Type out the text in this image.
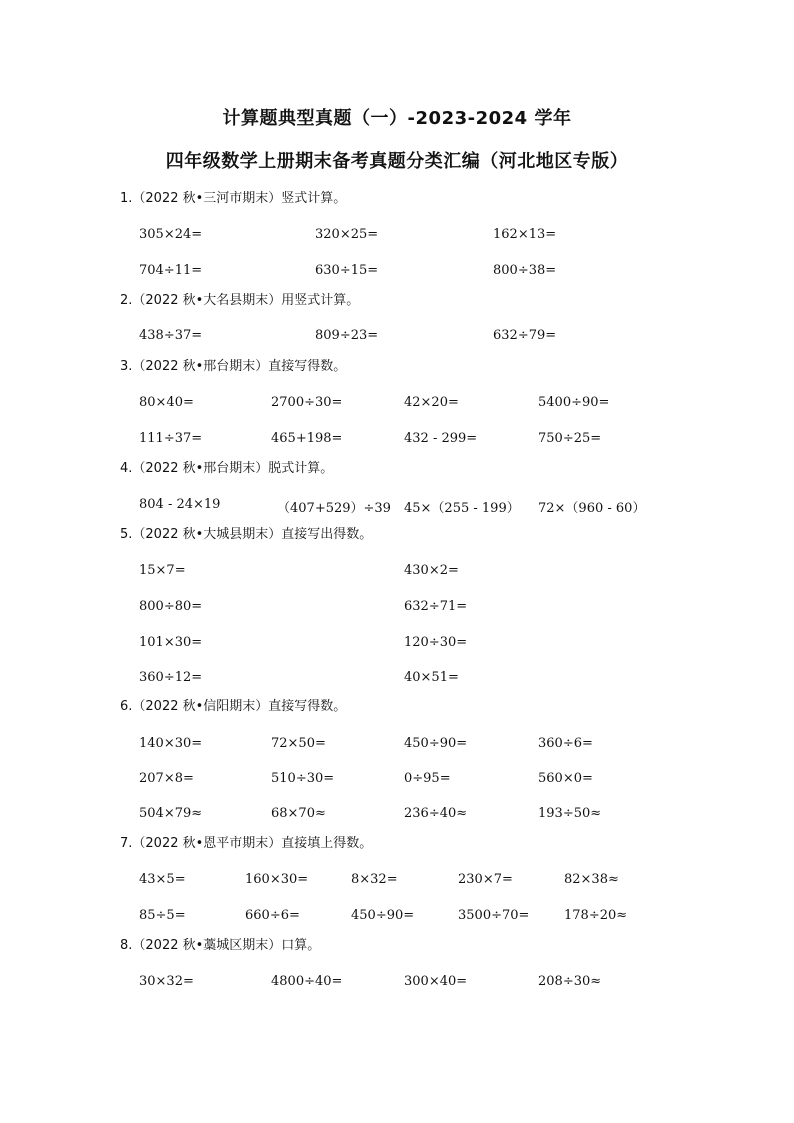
计算题典型真题（一）-2023-2024 学年
四年级数学上册期末备考真题分类汇编（河北地区专版）
1.（2022 秋•三河市期末）竖式计算。
305×24=	320×25=	162×13=
704÷11=	630÷15=	800÷38=
2.（2022 秋•大名县期末）用竖式计算。
438÷37=	809÷23=	632÷79=
3.（2022 秋•邢台期末）直接写得数。
80×40=	2700÷30=	42×20=	5400÷90=
111÷37=	465+198=	432 - 299=	750÷25=
4.（2022 秋•邢台期末）脱式计算。
804 - 24×19	（407+529）÷39 45×（255 - 199） 72×（960 - 60）
5.（2022 秋•大城县期末）直接写出得数。
15×7=	430×2=
800÷80=	632÷71=
101×30=	120÷30=
360÷12=	40×51=
6.（2022 秋•信阳期末）直接写得数。
140×30=	72×50=	450÷90=	360÷6=
207×8=	510÷30=	0÷95=	560×0=
504×79≈	68×70≈	236÷40≈	193÷50≈
7.（2022 秋•恩平市期末）直接填上得数。
43×5=	160×30=	8×32=	230×7=	82×38≈
85÷5=	660÷6=	450÷90=	3500÷70=	178÷20≈
8.（2022 秋•藁城区期末）口算。
30×32=	4800÷40=	300×40=	208÷30≈
